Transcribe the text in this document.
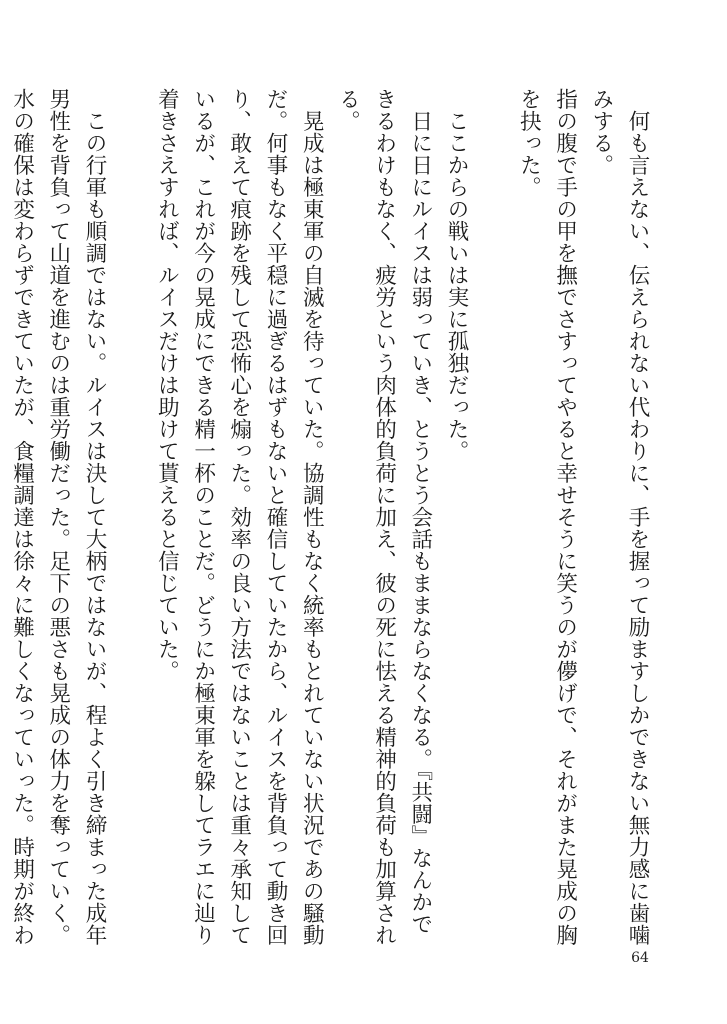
何も言えない、伝えられない代わりに、手を握って励ますしかできない無力感に歯噛みする。

指の腹で手の甲を撫でさすってやると幸せそうに笑うのが儚げで、それがまた晃成の胸を抉った。

ここからの戦いは実に孤独だった。

日に日にルイスは弱っていき、とうとう会話もままならなくなる。『共闘』なんかできるわけもなく、疲労という肉体的負荷に加え、彼の死に怯える精神的負荷も加算される。

晃成は極東軍の自滅を待っていた。協調性もなく統率もとれていない状況であの騒動だ。何事もなく平穏に過ぎるはずもないと確信していたから、ルイスを背負って動き回り、敢えて痕跡を残して恐怖心を煽った。効率の良い方法ではないことは重々承知しているが、これが今の晃成にできる精一杯のことだ。どうにか極東軍を躱してラエに辿り着きさえすれば、ルイスだけは助けて貰えると信じていた。

この行軍も順調ではない。ルイスは決して大柄ではないが、程よく引き締まった成年男性を背負って山道を進むのは重労働だった。足下の悪さも晃成の体力を奪っていく。水の確保は変わらずできていたが、食糧調達は徐々に難しくなっていった。時期が終わ

64
